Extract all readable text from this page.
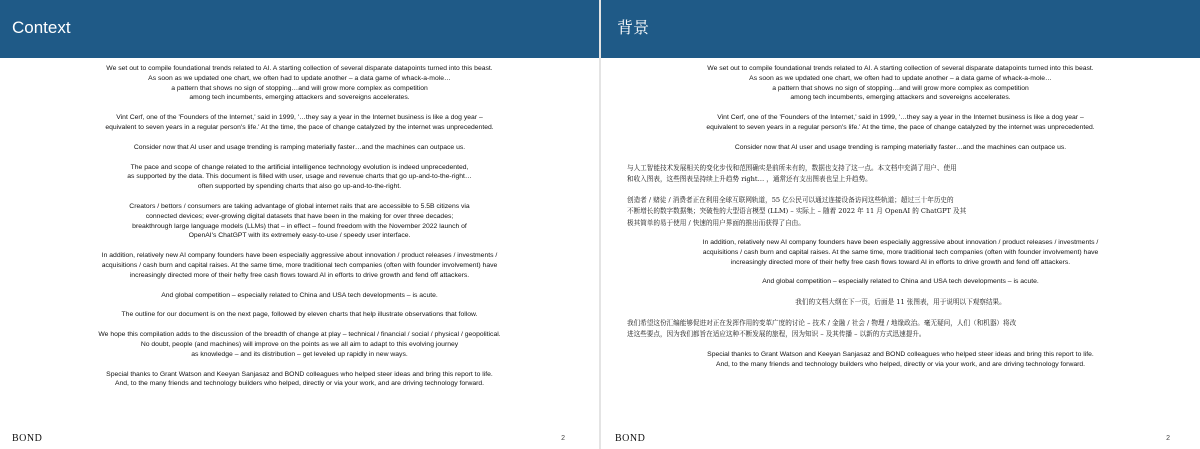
Context

We set out to compile foundational trends related to AI. A starting collection of several disparate datapoints turned into this beast.
As soon as we updated one chart, we often had to update another – a data game of whack-a-mole…
a pattern that shows no sign of stopping…and will grow more complex as competition
among tech incumbents, emerging attackers and sovereigns accelerates.

Vint Cerf, one of the 'Founders of the Internet,' said in 1999, '…they say a year in the Internet business is like a dog year –
equivalent to seven years in a regular person's life.' At the time, the pace of change catalyzed by the internet was unprecedented.

Consider now that AI user and usage trending is ramping materially faster…and the machines can outpace us.

The pace and scope of change related to the artificial intelligence technology evolution is indeed unprecedented,
as supported by the data. This document is filled with user, usage and revenue charts that go up-and-to-the-right…
often supported by spending charts that also go up-and-to-the-right.

Creators / bettors / consumers are taking advantage of global internet rails that are accessible to 5.5B citizens via
connected devices; ever-growing digital datasets that have been in the making for over three decades;
breakthrough large language models (LLMs) that – in effect – found freedom with the November 2022 launch of
OpenAI's ChatGPT with its extremely easy-to-use / speedy user interface.

In addition, relatively new AI company founders have been especially aggressive about innovation / product releases / investments /
acquisitions / cash burn and capital raises. At the same time, more traditional tech companies (often with founder involvement) have
increasingly directed more of their hefty free cash flows toward AI in efforts to drive growth and fend off attackers.

And global competition – especially related to China and USA tech developments – is acute.

The outline for our document is on the next page, followed by eleven charts that help illustrate observations that follow.

We hope this compilation adds to the discussion of the breadth of change at play – technical / financial / social / physical / geopolitical.
No doubt, people (and machines) will improve on the points as we all aim to adapt to this evolving journey
as knowledge – and its distribution – get leveled up rapidly in new ways.

Special thanks to Grant Watson and Keeyan Sanjasaz and BOND colleagues who helped steer ideas and bring this report to life.
And, to the many friends and technology builders who helped, directly or via your work, and are driving technology forward.

BOND	2
背景

We set out to compile foundational trends related to AI. A starting collection of several disparate datapoints turned into this beast.
As soon as we updated one chart, we often had to update another – a data game of whack-a-mole…
a pattern that shows no sign of stopping…and will grow more complex as competition
among tech incumbents, emerging attackers and sovereigns accelerates.

Vint Cerf, one of the 'Founders of the Internet,' said in 1999, '…they say a year in the Internet business is like a dog year –
equivalent to seven years in a regular person's life.' At the time, the pace of change catalyzed by the internet was unprecedented.

Consider now that AI user and usage trending is ramping materially faster…and the machines can outpace us.

与人工智能技术发展相关的变化步伐和范围确实是前所未有的，数据也支持了这一点。本文档中充满了用户、使用
和收入图表，这些图表呈持续上升趋势 right… ，通常还有支出图表也呈上升趋势。

创造者 / 赌徒 / 消费者正在利用全球互联网轨道，55 亿公民可以通过连接设备访问这些轨道；超过三十年历史的
不断增长的数字数据集；突破性的大型语言模型 (LLM) – 实际上 – 随着 2022 年 11 月 OpenAI 的 ChatGPT 及其
极其简单的易于使用 / 快速的用户界面的推出而获得了自由。

In addition, relatively new AI company founders have been especially aggressive about innovation / product releases / investments /
acquisitions / cash burn and capital raises. At the same time, more traditional tech companies (often with founder involvement) have
increasingly directed more of their hefty free cash flows toward AI in efforts to drive growth and fend off attackers.

And global competition – especially related to China and USA tech developments – is acute.

我们的文档大纲在下一页，后面是 11 张图表，用于说明以下观察结果。

我们希望这份汇编能够促进对正在发挥作用的变革广度的讨论 – 技术 / 金融 / 社会 / 物理 / 地缘政治。毫无疑问，人们（和机器）将改
进这些要点，因为我们都旨在适应这种不断发展的旅程，因为知识 – 及其传播 – 以新的方式迅速提升。

Special thanks to Grant Watson and Keeyan Sanjasaz and BOND colleagues who helped steer ideas and bring this report to life.
And, to the many friends and technology builders who helped, directly or via your work, and are driving technology forward.

BOND	2
